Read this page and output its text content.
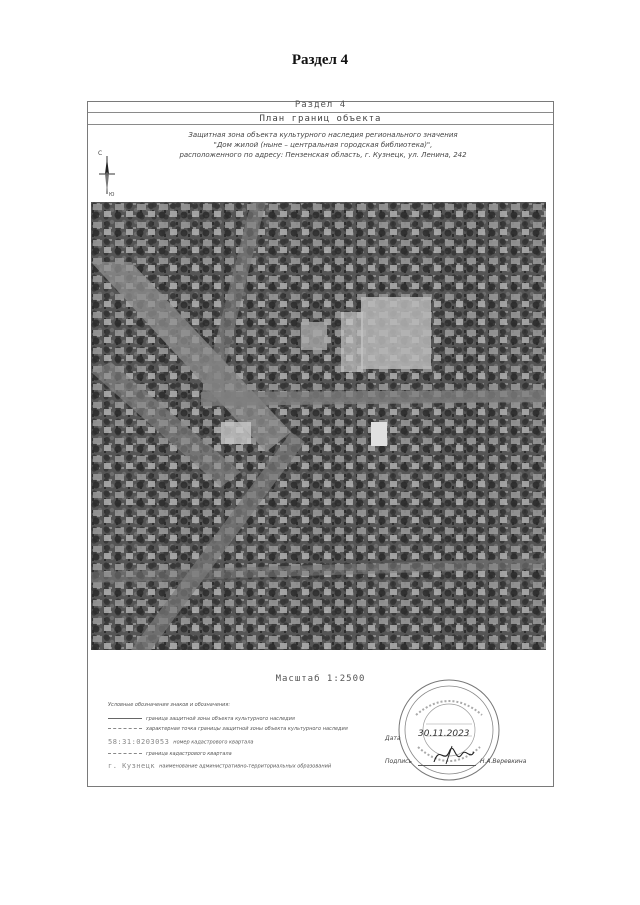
Раздел 4
Раздел 4
План границ объекта
Защитная зона объекта культурного наследия регионального значения
"Дом жилой (ныне – центральная городская библиотека)",
расположенного по адресу: Пензенская область, г. Кузнецк, ул. Ленина, 242
С
Ю
Масштаб 1:2500
Условные обозначения знаков и обозначения:
граница защитной зоны объекта культурного наследия
характерная точка границы защитной зоны объекта культурного наследия
58:31:0203053 номер кадастрового квартала
граница кадастрового квартала
г. Кузнецк наименование административно-территориальных образований
Дата 30.11.2023
Подпись	Н.А.Веревкина
